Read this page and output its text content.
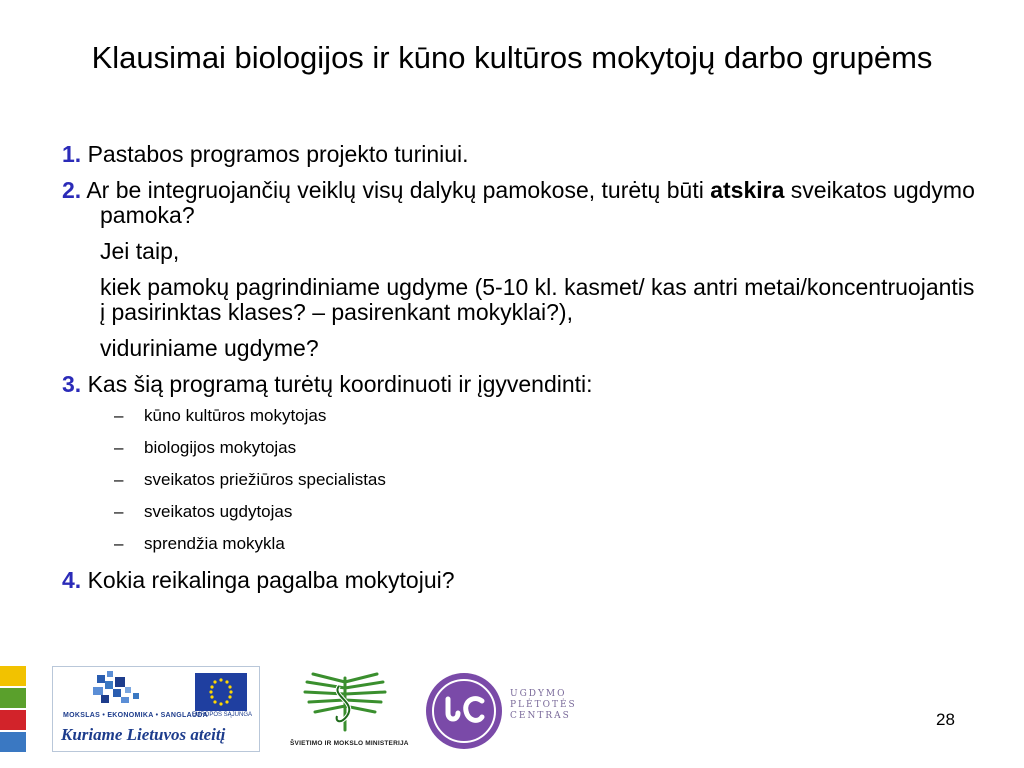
Klausimai biologijos ir kūno kultūros mokytojų darbo grupėms

1. Pastabos programos projekto turiniui.

2. Ar be integruojančių veiklų visų dalykų pamokose, turėtų būti atskira sveikatos ugdymo pamoka?

Jei taip,

kiek pamokų pagrindiniame ugdyme (5-10 kl. kasmet/ kas antri metai/koncentruojantis į pasirinktas klases? – pasirenkant mokyklai?),

viduriniame ugdyme?

3. Kas šią programą turėtų koordinuoti ir įgyvendinti:

– kūno kultūros mokytojas

– biologijos mokytojas

– sveikatos priežiūros specialistas

– sveikatos ugdytojas

– sprendžia mokykla

4. Kokia reikalinga pagalba mokytojui?

MOKSLAS • EKONOMIKA • SANGLAUDA
EUROPOS SĄJUNGA
Kuriame Lietuvos ateitį	ŠVIETIMO IR MOKSLO MINISTERIJA
UGDYMO
PLĖTOTĖS
CENTRAS	28
